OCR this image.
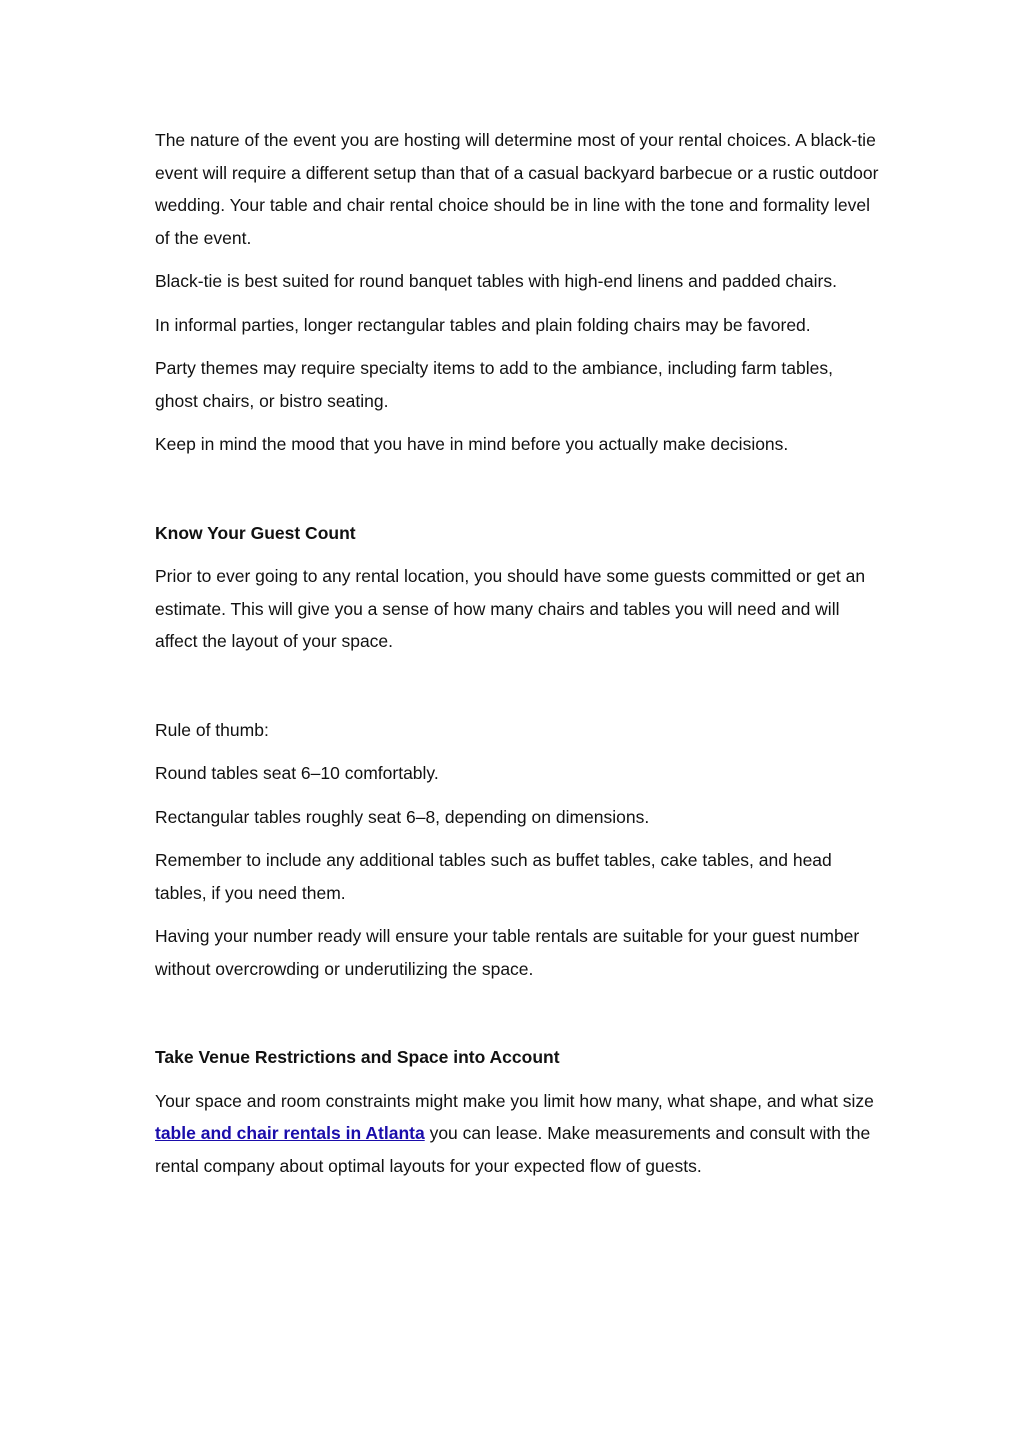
The nature of the event you are hosting will determine most of your rental choices. A black-tie event will require a different setup than that of a casual backyard barbecue or a rustic outdoor wedding. Your table and chair rental choice should be in line with the tone and formality level of the event.

Black-tie is best suited for round banquet tables with high-end linens and padded chairs.

In informal parties, longer rectangular tables and plain folding chairs may be favored.

Party themes may require specialty items to add to the ambiance, including farm tables, ghost chairs, or bistro seating.

Keep in mind the mood that you have in mind before you actually make decisions.

Know Your Guest Count

Prior to ever going to any rental location, you should have some guests committed or get an estimate. This will give you a sense of how many chairs and tables you will need and will affect the layout of your space.

Rule of thumb:

Round tables seat 6–10 comfortably.

Rectangular tables roughly seat 6–8, depending on dimensions.

Remember to include any additional tables such as buffet tables, cake tables, and head tables, if you need them.

Having your number ready will ensure your table rentals are suitable for your guest number without overcrowding or underutilizing the space.

Take Venue Restrictions and Space into Account

Your space and room constraints might make you limit how many, what shape, and what size table and chair rentals in Atlanta you can lease. Make measurements and consult with the rental company about optimal layouts for your expected flow of guests.
